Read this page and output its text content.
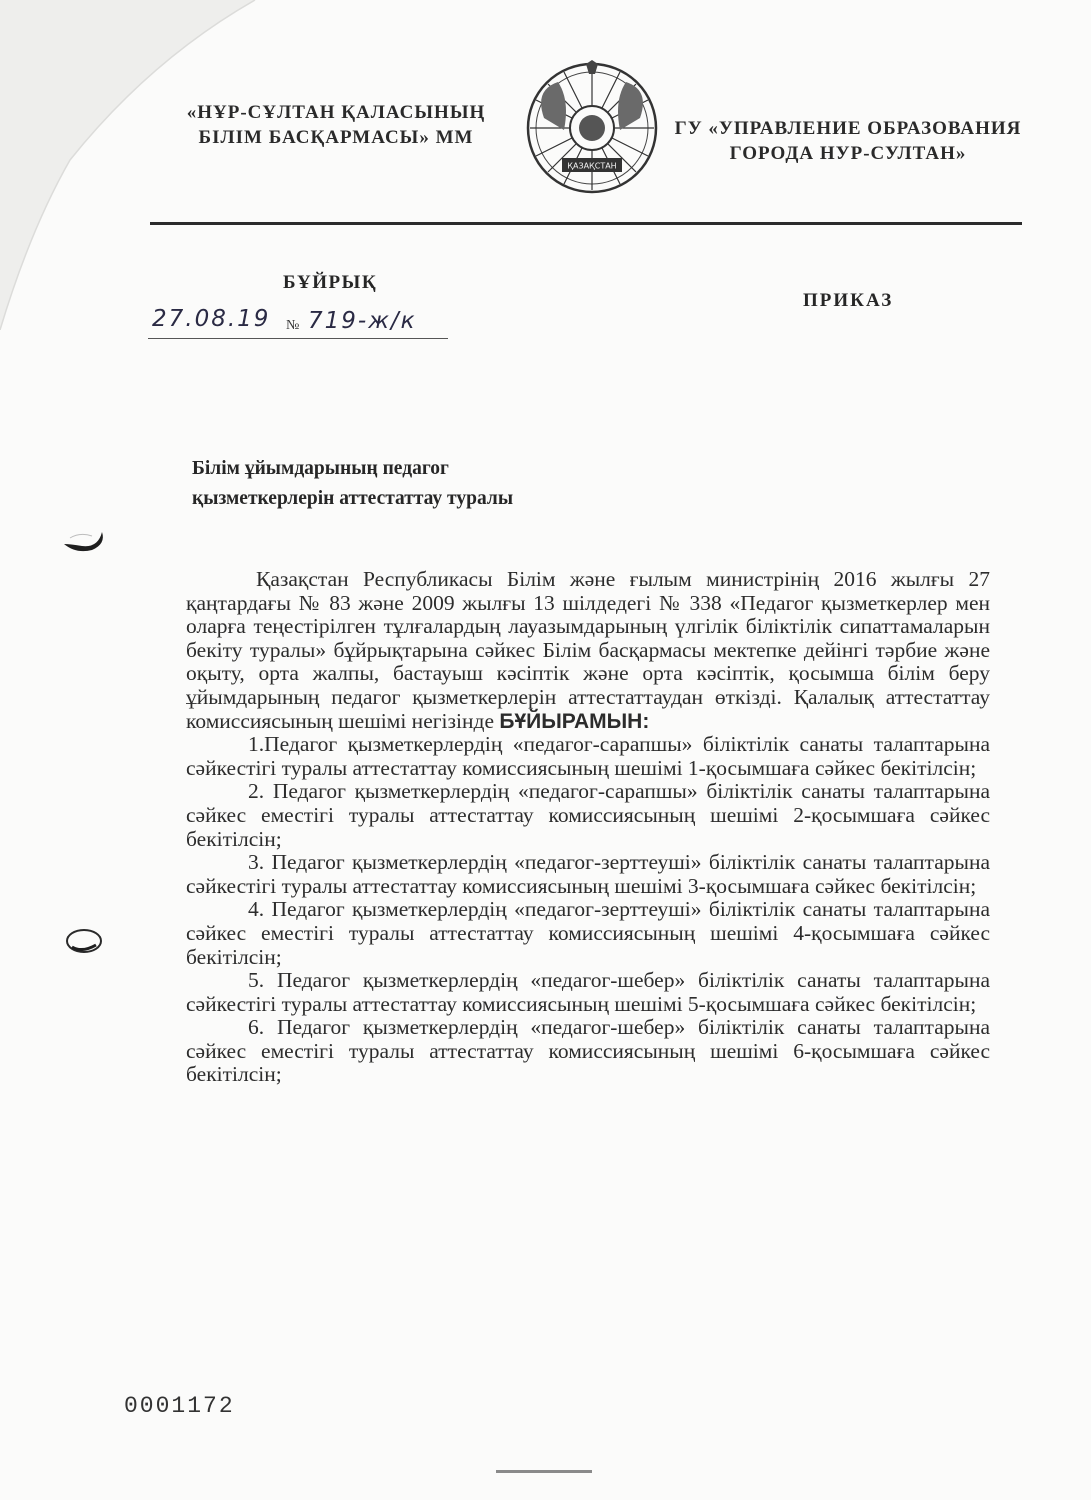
«НҰР-СҰЛТАН ҚАЛАСЫНЫҢ
БІЛІМ БАСҚАРМАСЫ» ММ
ҚАЗАҚСТАН
ГУ «УПРАВЛЕНИЕ ОБРАЗОВАНИЯ
ГОРОДА НУР-СУЛТАН»
БҰЙРЫҚ
ПРИКАЗ
27.08.19 № 719-ж/к
Білім ұйымдарының педагог
қызметкерлерін аттестаттау туралы

Қазақстан Республикасы Білім және ғылым министрінің 2016 жылғы 27 қаңтардағы № 83 және 2009 жылғы 13 шілдедегі № 338 «Педагог қызметкерлер мен оларға теңестірілген тұлғалардың лауазымдарының үлгілік біліктілік сипаттамаларын бекіту туралы» бұйрықтарына сәйкес Білім басқармасы мектепке дейінгі тәрбие және оқыту, орта жалпы, бастауыш кәсіптік және орта кәсіптік, қосымша білім беру ұйымдарының педагог қызметкерлерін аттестаттаудан өткізді. Қалалық аттестаттау комиссиясының шешімі негізінде БҰЙЫРАМЫН:

1.Педагог қызметкерлердің «педагог-сарапшы» біліктілік санаты талаптарына сәйкестігі туралы аттестаттау комиссиясының шешімі 1-қосымшаға сәйкес бекітілсін;

2. Педагог қызметкерлердің «педагог-сарапшы» біліктілік санаты талаптарына сәйкес еместігі туралы аттестаттау комиссиясының шешімі 2-қосымшаға сәйкес бекітілсін;

3. Педагог қызметкерлердің «педагог-зерттеуші» біліктілік санаты талаптарына сәйкестігі туралы аттестаттау комиссиясының шешімі 3-қосымшаға сәйкес бекітілсін;

4. Педагог қызметкерлердің «педагог-зерттеуші» біліктілік санаты талаптарына сәйкес еместігі туралы аттестаттау комиссиясының шешімі 4-қосымшаға сәйкес бекітілсін;

5. Педагог қызметкерлердің «педагог-шебер» біліктілік санаты талаптарына сәйкестігі туралы аттестаттау комиссиясының шешімі 5-қосымшаға сәйкес бекітілсін;

6. Педагог қызметкерлердің «педагог-шебер» біліктілік санаты талаптарына сәйкес еместігі туралы аттестаттау комиссиясының шешімі 6-қосымшаға сәйкес бекітілсін;

0001172
